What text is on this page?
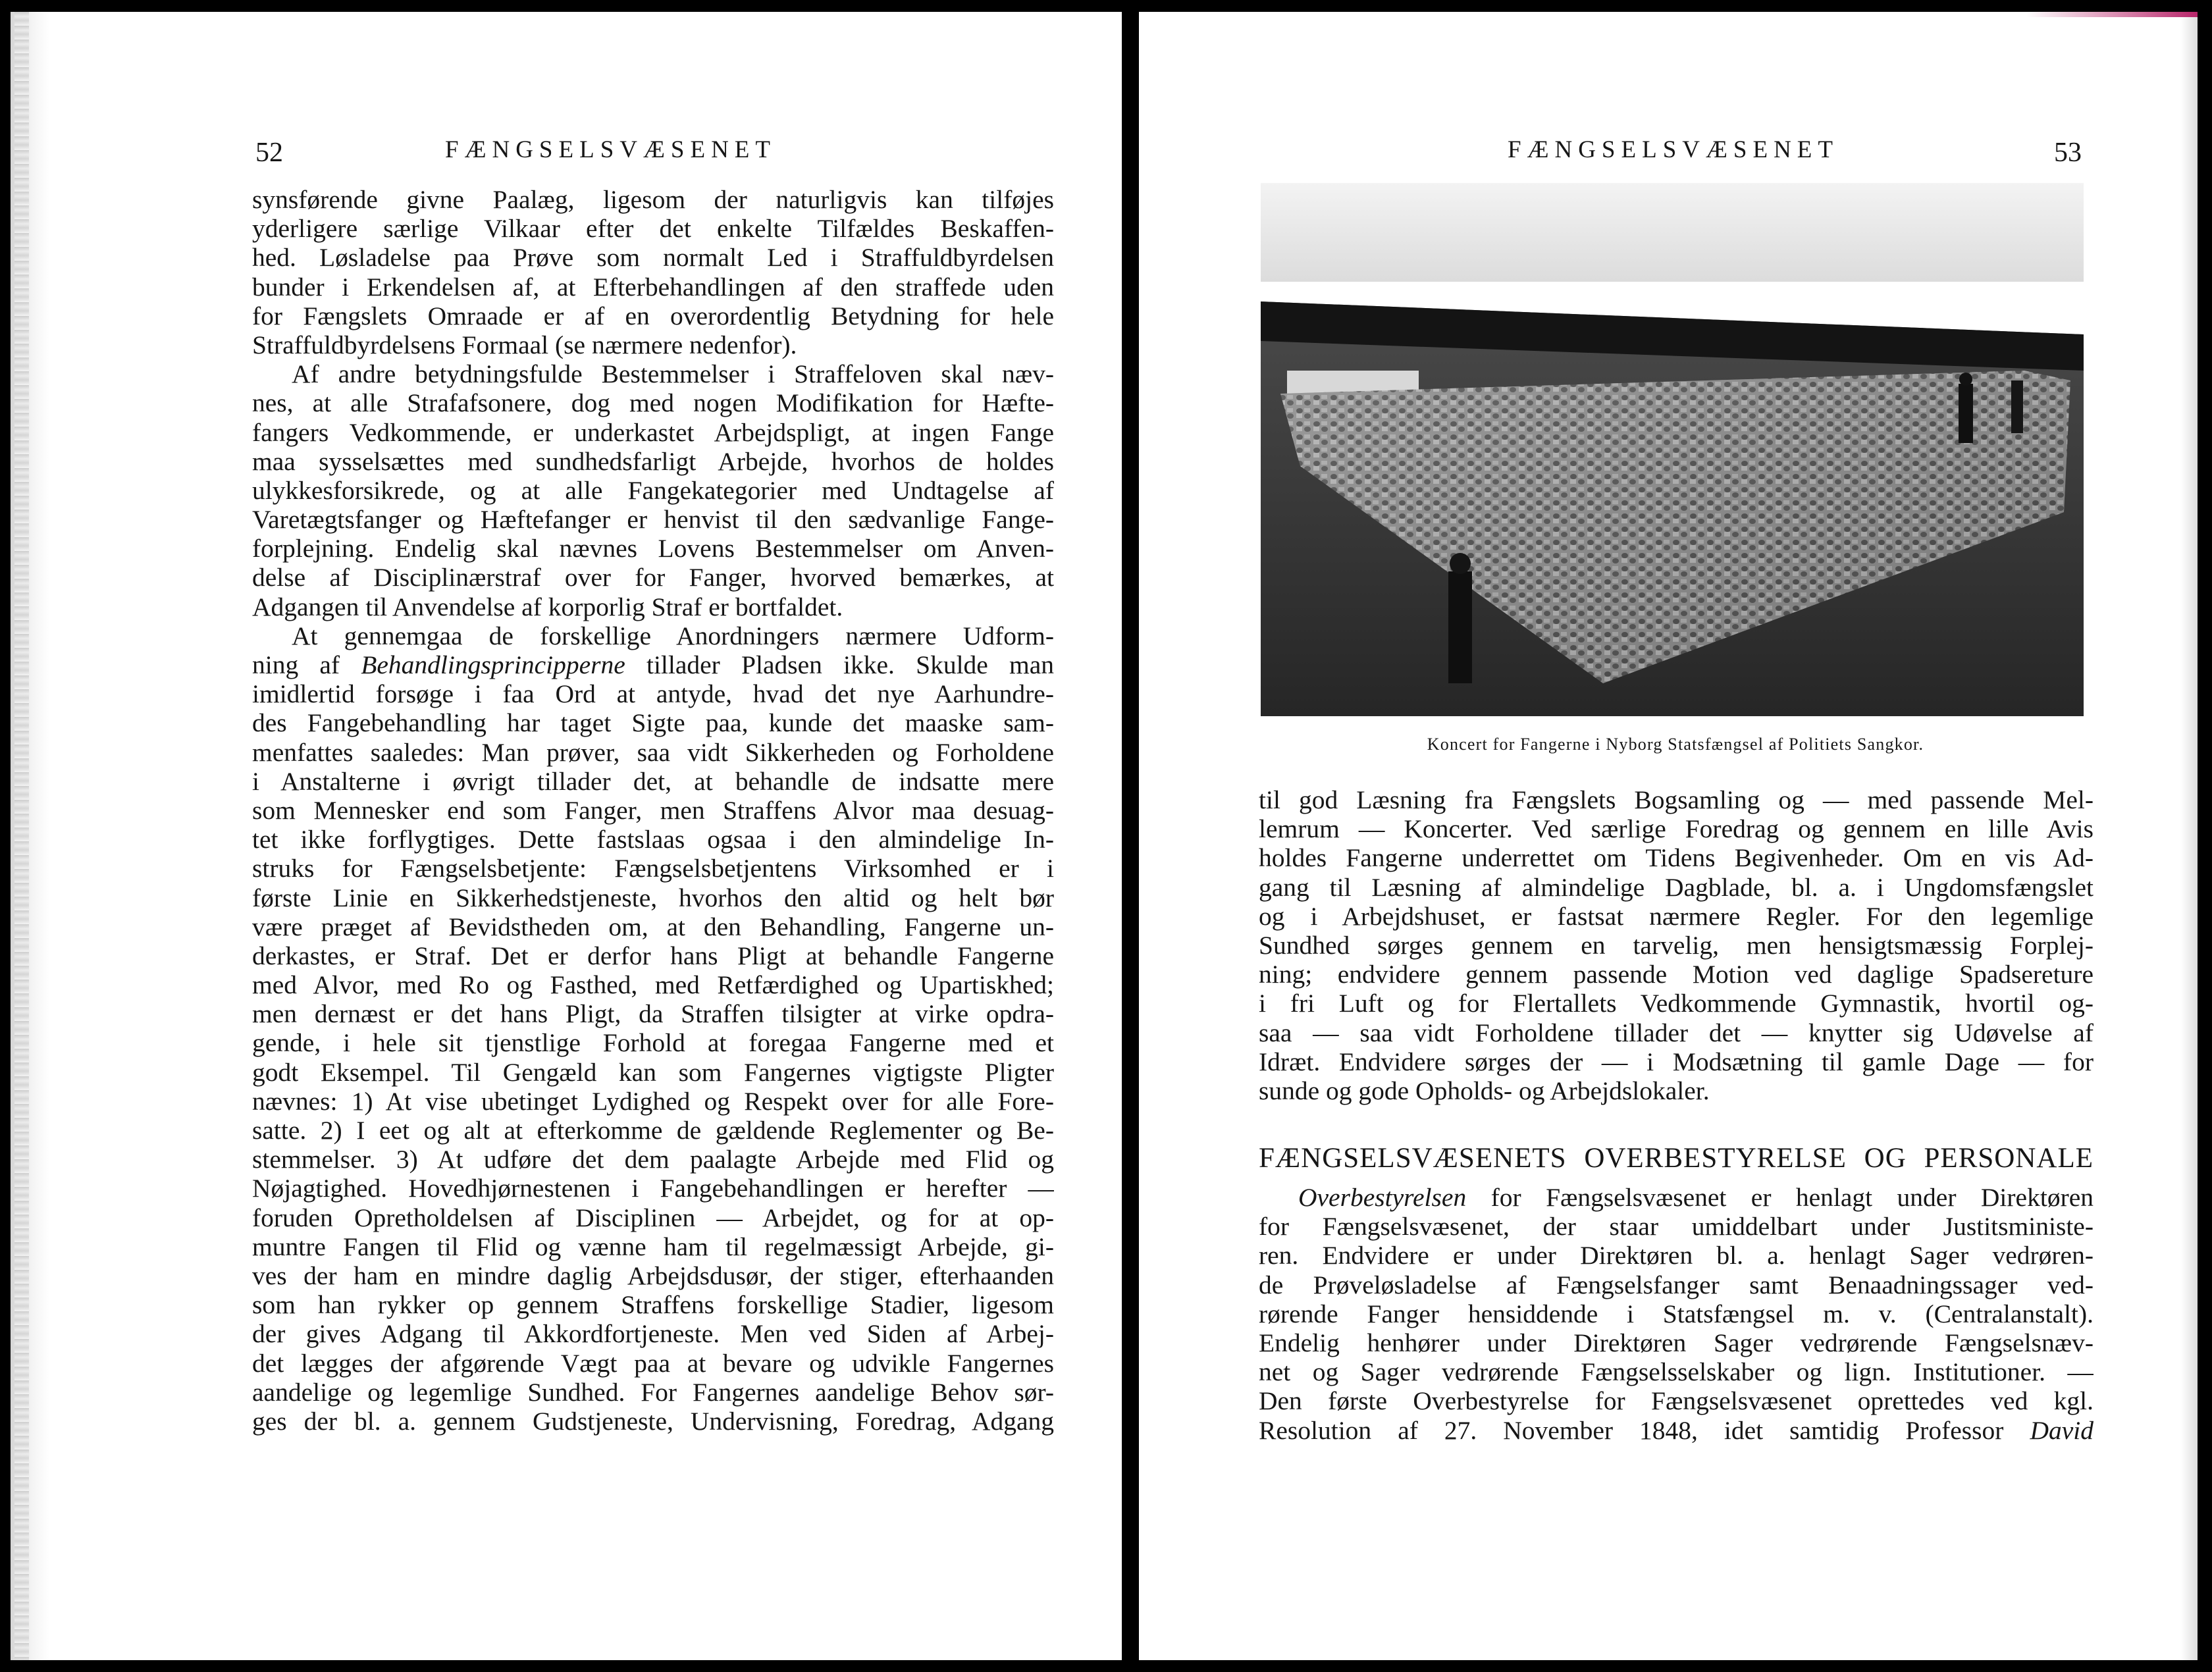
52	FÆNGSELSVÆSENET
synsførende givne Paalæg, ligesom der naturligvis kan tilføjes
yderligere særlige Vilkaar efter det enkelte Tilfældes Beskaffen-
hed. Løsladelse paa Prøve som normalt Led i Straffuldbyrdelsen
bunder i Erkendelsen af, at Efterbehandlingen af den straffede uden
for Fængslets Omraade er af en overordentlig Betydning for hele
Straffuldbyrdelsens Formaal (se nærmere nedenfor).
Af andre betydningsfulde Bestemmelser i Straffeloven skal næv-
nes, at alle Strafafsonere, dog med nogen Modifikation for Hæfte-
fangers Vedkommende, er underkastet Arbejdspligt, at ingen Fange
maa sysselsættes med sundhedsfarligt Arbejde, hvorhos de holdes
ulykkesforsikrede, og at alle Fangekategorier med Undtagelse af
Varetægtsfanger og Hæftefanger er henvist til den sædvanlige Fange-
forplejning. Endelig skal nævnes Lovens Bestemmelser om Anven-
delse af Disciplinærstraf over for Fanger, hvorved bemærkes, at
Adgangen til Anvendelse af korporlig Straf er bortfaldet.
At gennemgaa de forskellige Anordningers nærmere Udform-
ning af Behandlingsprincipperne tillader Pladsen ikke. Skulde man
imidlertid forsøge i faa Ord at antyde, hvad det nye Aarhundre-
des Fangebehandling har taget Sigte paa, kunde det maaske sam-
menfattes saaledes: Man prøver, saa vidt Sikkerheden og Forholdene
i Anstalterne i øvrigt tillader det, at behandle de indsatte mere
som Mennesker end som Fanger, men Straffens Alvor maa desuag-
tet ikke forflygtiges. Dette fastslaas ogsaa i den almindelige In-
struks for Fængselsbetjente: Fængselsbetjentens Virksomhed er i
første Linie en Sikkerhedstjeneste, hvorhos den altid og helt bør
være præget af Bevidstheden om, at den Behandling, Fangerne un-
derkastes, er Straf. Det er derfor hans Pligt at behandle Fangerne
med Alvor, med Ro og Fasthed, med Retfærdighed og Upartiskhed;
men dernæst er det hans Pligt, da Straffen tilsigter at virke opdra-
gende, i hele sit tjenstlige Forhold at foregaa Fangerne med et
godt Eksempel. Til Gengæld kan som Fangernes vigtigste Pligter
nævnes: 1) At vise ubetinget Lydighed og Respekt over for alle Fore-
satte. 2) I eet og alt at efterkomme de gældende Reglementer og Be-
stemmelser. 3) At udføre det dem paalagte Arbejde med Flid og
Nøjagtighed. Hovedhjørnestenen i Fangebehandlingen er herefter —
foruden Opretholdelsen af Disciplinen — Arbejdet, og for at op-
muntre Fangen til Flid og vænne ham til regelmæssigt Arbejde, gi-
ves der ham en mindre daglig Arbejdsdusør, der stiger, efterhaanden
som han rykker op gennem Straffens forskellige Stadier, ligesom
der gives Adgang til Akkordfortjeneste. Men ved Siden af Arbej-
det lægges der afgørende Vægt paa at bevare og udvikle Fangernes
aandelige og legemlige Sundhed. For Fangernes aandelige Behov sør-
ges der bl. a. gennem Gudstjeneste, Undervisning, Foredrag, Adgang
FÆNGSELSVÆSENET	53
Koncert for Fangerne i Nyborg Statsfængsel af Politiets Sangkor.
til god Læsning fra Fængslets Bogsamling og — med passende Mel-
lemrum — Koncerter. Ved særlige Foredrag og gennem en lille Avis
holdes Fangerne underrettet om Tidens Begivenheder. Om en vis Ad-
gang til Læsning af almindelige Dagblade, bl. a. i Ungdomsfængslet
og i Arbejdshuset, er fastsat nærmere Regler. For den legemlige
Sundhed sørges gennem en tarvelig, men hensigtsmæssig Forplej-
ning; endvidere gennem passende Motion ved daglige Spadsereture
i fri Luft og for Flertallets Vedkommende Gymnastik, hvortil og-
saa — saa vidt Forholdene tillader det — knytter sig Udøvelse af
Idræt. Endvidere sørges der — i Modsætning til gamle Dage — for
sunde og gode Opholds- og Arbejdslokaler.
FÆNGSELSVÆSENETS OVERBESTYRELSE OG PERSONALE
Overbestyrelsen for Fængselsvæsenet er henlagt under Direktøren
for Fængselsvæsenet, der staar umiddelbart under Justitsministe-
ren. Endvidere er under Direktøren bl. a. henlagt Sager vedrøren-
de Prøveløsladelse af Fængselsfanger samt Benaadningssager ved-
rørende Fanger hensiddende i Statsfængsel m. v. (Centralanstalt).
Endelig henhører under Direktøren Sager vedrørende Fængselsnæv-
net og Sager vedrørende Fængselsselskaber og lign. Institutioner. —
Den første Overbestyrelse for Fængselsvæsenet oprettedes ved kgl.
Resolution af 27. November 1848, idet samtidig Professor David
